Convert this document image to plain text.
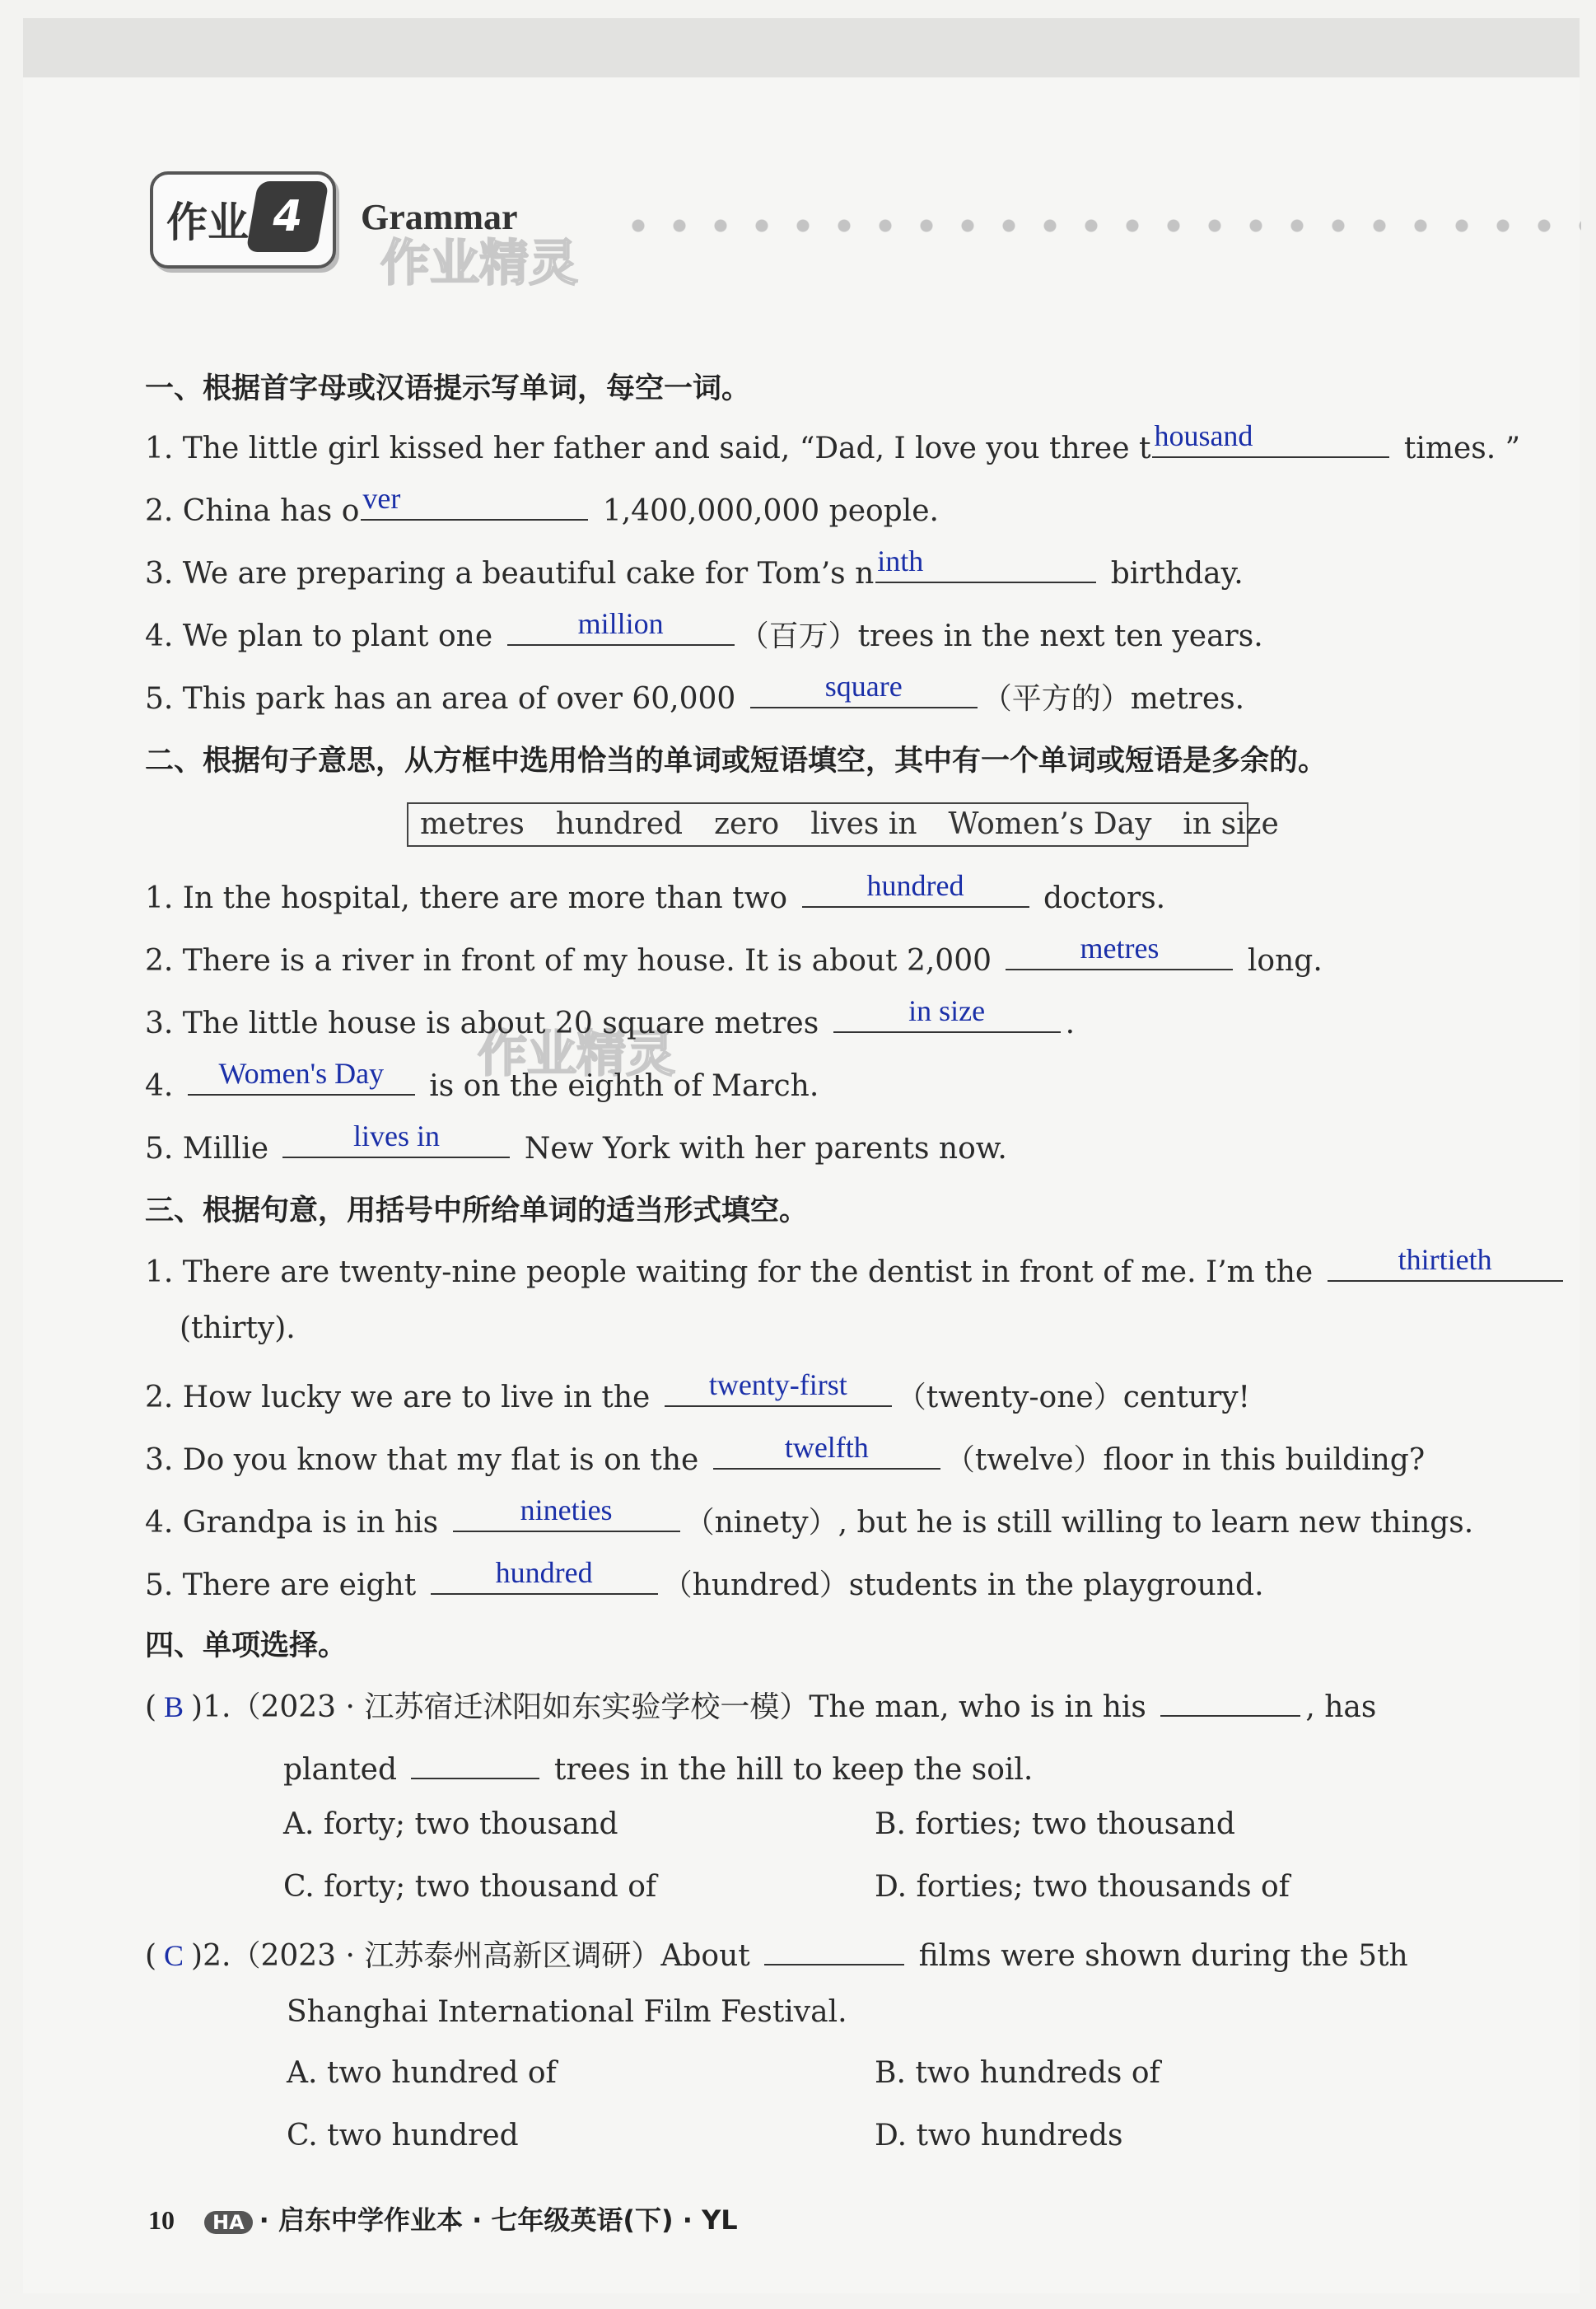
作业 4	Grammar
作业精灵
作业精灵
一、根据首字母或汉语提示写单词，每空一词。
1. The little girl kissed her father and said, “Dad, I love you three t housand	times. ”
2. China has o ver	1,400,000,000 people.
3. We are preparing a beautiful cake for Tom’s n inth	birthday.
4. We plan to plant one	million	（百万）trees in the next ten years.
5. This park has an area of over 60,000	square	（平方的）metres.
二、根据句子意思，从方框中选用恰当的单词或短语填空，其中有一个单词或短语是多余的。
metres hundred zero lives in Women’s Day in size
1. In the hospital, there are more than two	hundred	doctors.
2. There is a river in front of my house. It is about 2,000	metres	long.
3. The little house is about 20 square metres	in size	.
4.	Women's Day	is on the eighth of March.
5. Millie	lives in	New York with her parents now.
三、根据句意，用括号中所给单词的适当形式填空。
1. There are twenty-nine people waiting for the dentist in front of me. I’m the	thirtieth
(thirty).
2. How lucky we are to live in the	twenty-first	（twenty-one）century!
3. Do you know that my flat is on the	twelfth	（twelve）floor in this building?
4. Grandpa is in his	nineties	（ninety）, but he is still willing to learn new things.
5. There are eight	hundred	（hundred）students in the playground.
四、单项选择。
( B )1.（2023 · 江苏宿迁沭阳如东实验学校一模）The man, who is in his	, has
planted	trees in the hill to keep the soil.
A. forty; two thousand	B. forties; two thousand
C. forty; two thousand of	D. forties; two thousands of
( C )2.（2023 · 江苏泰州高新区调研）About	films were shown during the 5th
Shanghai International Film Festival.
A. two hundred of	B. two hundreds of
C. two hundred	D. two hundreds
10 HA · 启东中学作业本 · 七年级英语(下) · YL
